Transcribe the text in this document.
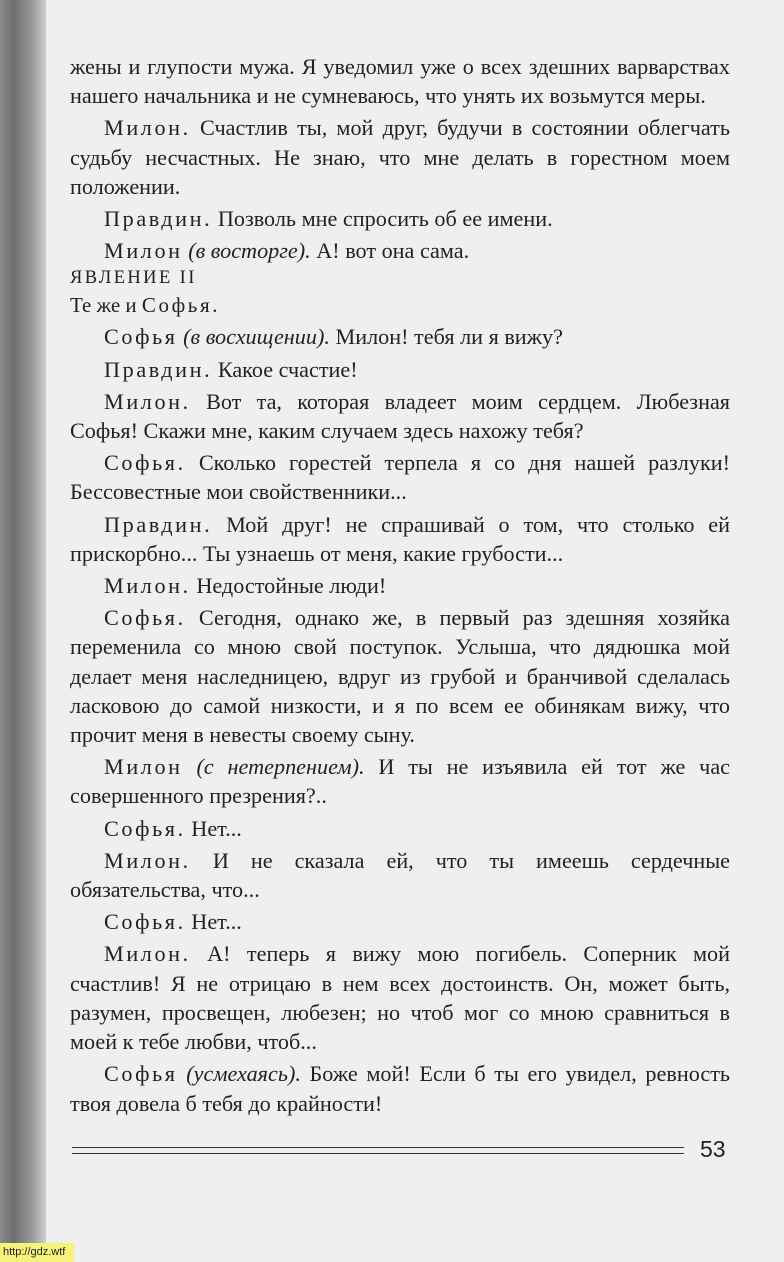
жены и глупости мужа. Я уведомил уже о всех здешних варварствах нашего начальника и не сумневаюсь, что унять их возьмутся меры.

Милон. Счастлив ты, мой друг, будучи в состоянии облегчать судьбу несчастных. Не знаю, что мне делать в горестном моем положении.

Правдин. Позволь мне спросить об ее имени.

Милон (в восторге). А! вот она сама.

ЯВЛЕНИЕ II

Те же и Софья.

Софья (в восхищении). Милон! тебя ли я вижу?

Правдин. Какое счастие!

Милон. Вот та, которая владеет моим сердцем. Любезная Софья! Скажи мне, каким случаем здесь нахожу тебя?

Софья. Сколько горестей терпела я со дня нашей разлуки! Бессовестные мои свойственники...

Правдин. Мой друг! не спрашивай о том, что столько ей прискорбно... Ты узнаешь от меня, какие грубости...

Милон. Недостойные люди!

Софья. Сегодня, однако же, в первый раз здешняя хозяйка переменила со мною свой поступок. Услыша, что дядюшка мой делает меня наследницею, вдруг из грубой и бранчивой сделалась ласковою до самой низкости, и я по всем ее обинякам вижу, что прочит меня в невесты своему сыну.

Милон (с нетерпением). И ты не изъявила ей тот же час совершенного презрения?..

Софья. Нет...

Милон. И не сказала ей, что ты имеешь сердечные обязательства, что...

Софья. Нет...

Милон. А! теперь я вижу мою погибель. Соперник мой счастлив! Я не отрицаю в нем всех достоинств. Он, может быть, разумен, просвещен, любезен; но чтоб мог со мною сравниться в моей к тебе любви, чтоб...

Софья (усмехаясь). Боже мой! Если б ты его увидел, ревность твоя довела б тебя до крайности!

53
http://gdz.wtf
